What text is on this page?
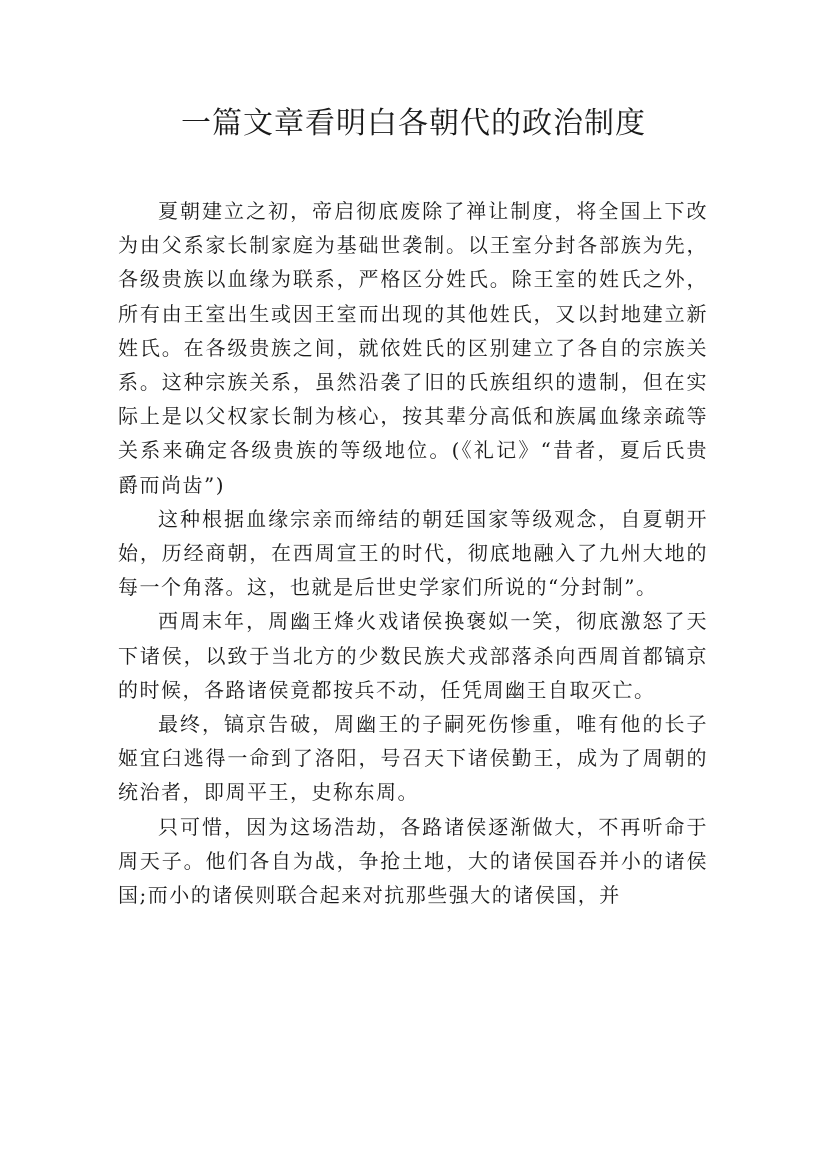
一篇文章看明白各朝代的政治制度

夏朝建立之初，帝启彻底废除了禅让制度，将全国上下改为由父系家长制家庭为基础世袭制。以王室分封各部族为先，各级贵族以血缘为联系，严格区分姓氏。除王室的姓氏之外，所有由王室出生或因王室而出现的其他姓氏，又以封地建立新姓氏。在各级贵族之间，就依姓氏的区别建立了各自的宗族关系。这种宗族关系，虽然沿袭了旧的氏族组织的遗制，但在实际上是以父权家长制为核心，按其辈分高低和族属血缘亲疏等关系来确定各级贵族的等级地位。(《礼记》“昔者，夏后氏贵爵而尚齿”)

这种根据血缘宗亲而缔结的朝廷国家等级观念，自夏朝开始，历经商朝，在西周宣王的时代，彻底地融入了九州大地的每一个角落。这，也就是后世史学家们所说的“分封制”。

西周末年，周幽王烽火戏诸侯换褒姒一笑，彻底激怒了天下诸侯，以致于当北方的少数民族犬戎部落杀向西周首都镐京的时候，各路诸侯竟都按兵不动，任凭周幽王自取灭亡。

最终，镐京告破，周幽王的子嗣死伤惨重，唯有他的长子姬宜臼逃得一命到了洛阳，号召天下诸侯勤王，成为了周朝的统治者，即周平王，史称东周。

只可惜，因为这场浩劫，各路诸侯逐渐做大，不再听命于周天子。他们各自为战，争抢土地，大的诸侯国吞并小的诸侯国;而小的诸侯则联合起来对抗那些强大的诸侯国，并
